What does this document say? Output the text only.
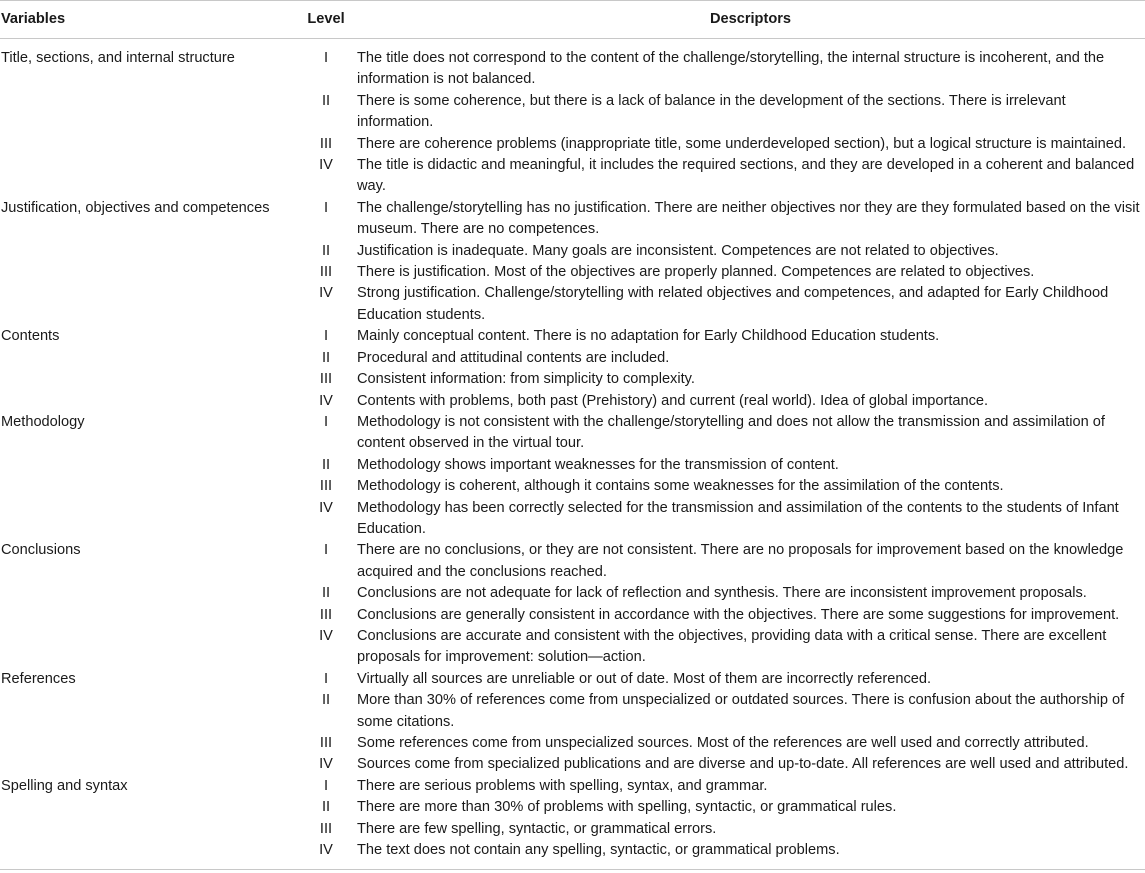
Variables	Level	Descriptors
Title, sections, and internal structure	I	The title does not correspond to the content of the challenge/storytelling, the internal structure is incoherent, and the information is not balanced.
	II	There is some coherence, but there is a lack of balance in the development of the sections. There is irrelevant information.
	III	There are coherence problems (inappropriate title, some underdeveloped section), but a logical structure is maintained.
	IV	The title is didactic and meaningful, it includes the required sections, and they are developed in a coherent and balanced way.
Justification, objectives and competences	I	The challenge/storytelling has no justification. There are neither objectives nor they are they formulated based on the visit museum. There are no competences.
	II	Justification is inadequate. Many goals are inconsistent. Competences are not related to objectives.
	III	There is justification. Most of the objectives are properly planned. Competences are related to objectives.
	IV	Strong justification. Challenge/storytelling with related objectives and competences, and adapted for Early Childhood Education students.
Contents	I	Mainly conceptual content. There is no adaptation for Early Childhood Education students.
	II	Procedural and attitudinal contents are included.
	III	Consistent information: from simplicity to complexity.
	IV	Contents with problems, both past (Prehistory) and current (real world). Idea of global importance.
Methodology	I	Methodology is not consistent with the challenge/storytelling and does not allow the transmission and assimilation of content observed in the virtual tour.
	II	Methodology shows important weaknesses for the transmission of content.
	III	Methodology is coherent, although it contains some weaknesses for the assimilation of the contents.
	IV	Methodology has been correctly selected for the transmission and assimilation of the contents to the students of Infant Education.
Conclusions	I	There are no conclusions, or they are not consistent. There are no proposals for improvement based on the knowledge acquired and the conclusions reached.
	II	Conclusions are not adequate for lack of reflection and synthesis. There are inconsistent improvement proposals.
	III	Conclusions are generally consistent in accordance with the objectives. There are some suggestions for improvement.
	IV	Conclusions are accurate and consistent with the objectives, providing data with a critical sense. There are excellent proposals for improvement: solution—action.
References	I	Virtually all sources are unreliable or out of date. Most of them are incorrectly referenced.
	II	More than 30% of references come from unspecialized or outdated sources. There is confusion about the authorship of some citations.
	III	Some references come from unspecialized sources. Most of the references are well used and correctly attributed.
	IV	Sources come from specialized publications and are diverse and up-to-date. All references are well used and attributed.
Spelling and syntax	I	There are serious problems with spelling, syntax, and grammar.
	II	There are more than 30% of problems with spelling, syntactic, or grammatical rules.
	III	There are few spelling, syntactic, or grammatical errors.
	IV	The text does not contain any spelling, syntactic, or grammatical problems.
